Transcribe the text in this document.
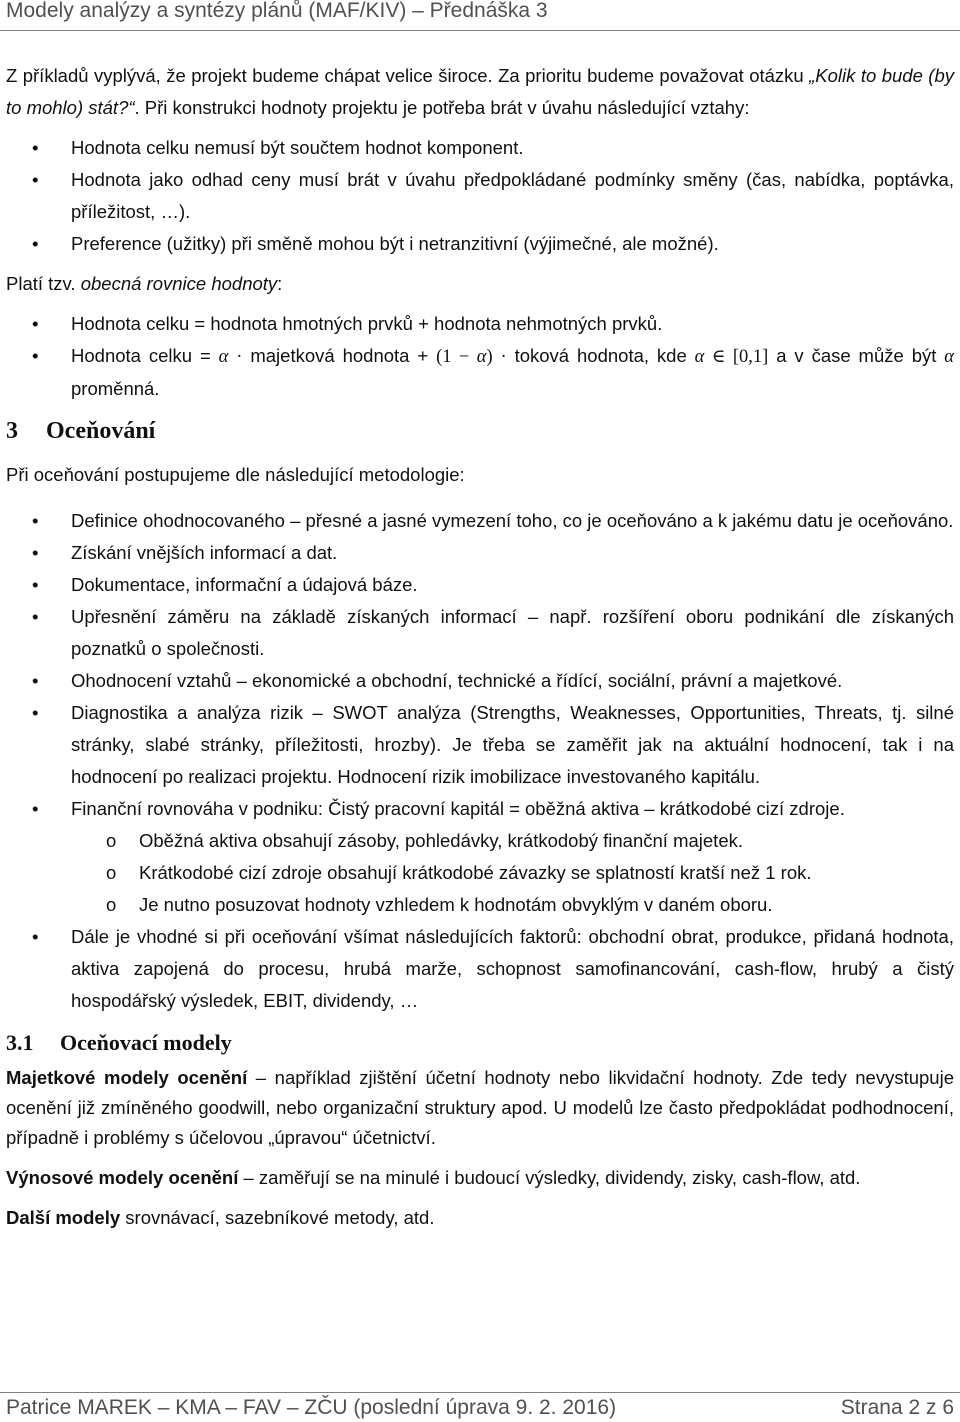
Modely analýzy a syntézy plánů (MAF/KIV) – Přednáška 3

Z příkladů vyplývá, že projekt budeme chápat velice široce. Za prioritu budeme považovat otázku „Kolik to bude (by to mohlo) stát?“. Při konstrukci hodnoty projektu je potřeba brát v úvahu následující vztahy:

• Hodnota celku nemusí být součtem hodnot komponent.
• Hodnota jako odhad ceny musí brát v úvahu předpokládané podmínky směny (čas, nabídka, poptávka, příležitost, …).
• Preference (užitky) při směně mohou být i netranzitivní (výjimečné, ale možné).

Platí tzv. obecná rovnice hodnoty:

• Hodnota celku = hodnota hmotných prvků + hodnota nehmotných prvků.
• Hodnota celku = α · majetková hodnota + (1 − α) · toková hodnota, kde α ∈ [0,1] a v čase může být α proměnná.
3 Oceňování

Při oceňování postupujeme dle následující metodologie:

• Definice ohodnocovaného – přesné a jasné vymezení toho, co je oceňováno a k jakému datu je oceňováno.
• Získání vnějších informací a dat.
• Dokumentace, informační a údajová báze.
• Upřesnění záměru na základě získaných informací – např. rozšíření oboru podnikání dle získaných poznatků o společnosti.
• Ohodnocení vztahů – ekonomické a obchodní, technické a řídící, sociální, právní a majetkové.
• Diagnostika a analýza rizik – SWOT analýza (Strengths, Weaknesses, Opportunities, Threats, tj. silné stránky, slabé stránky, příležitosti, hrozby). Je třeba se zaměřit jak na aktuální hodnocení, tak i na hodnocení po realizaci projektu. Hodnocení rizik imobilizace investovaného kapitálu.
• Finanční rovnováha v podniku: Čistý pracovní kapitál = oběžná aktiva – krátkodobé cizí zdroje.
o Oběžná aktiva obsahují zásoby, pohledávky, krátkodobý finanční majetek.
o Krátkodobé cizí zdroje obsahují krátkodobé závazky se splatností kratší než 1 rok.
o Je nutno posuzovat hodnoty vzhledem k hodnotám obvyklým v daném oboru.
• Dále je vhodné si při oceňování všímat následujících faktorů: obchodní obrat, produkce, přidaná hodnota, aktiva zapojená do procesu, hrubá marže, schopnost samofinancování, cash-flow, hrubý a čistý hospodářský výsledek, EBIT, dividendy, …
3.1 Oceňovací modely

Majetkové modely ocenění – například zjištění účetní hodnoty nebo likvidační hodnoty. Zde tedy nevystupuje ocenění již zmíněného goodwill, nebo organizační struktury apod. U modelů lze často předpokládat podhodnocení, případně i problémy s účelovou „úpravou“ účetnictví.

Výnosové modely ocenění – zaměřují se na minulé i budoucí výsledky, dividendy, zisky, cash-flow, atd.

Další modely srovnávací, sazebníkové metody, atd.

Patrice MAREK – KMA – FAV – ZČU (poslední úprava 9. 2. 2016)	Strana 2 z 6
